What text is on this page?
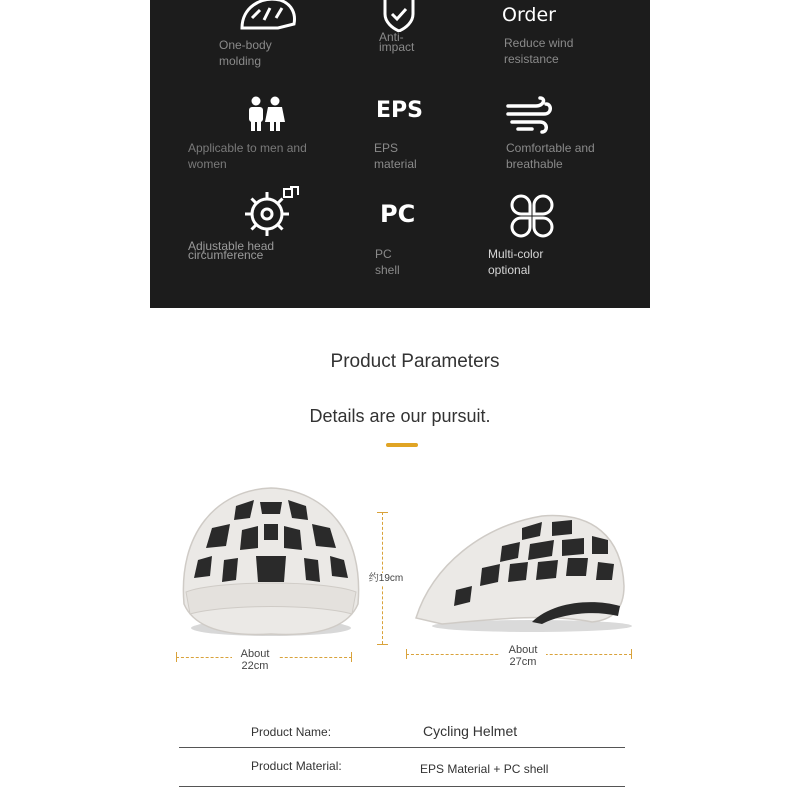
One-body
molding
Anti-
impact
Order
Reduce wind
resistance
Applicable to men and
women
EPS
EPS
material
Comfortable and
breathable
Adjustable head
circumference
PC
PC
shell
Multi-color
optional
Product Parameters
Details are our pursuit.
约19cm
About
22cm
About
27cm
Product Name:	Cycling Helmet
Product Material:	EPS Material + PC shell
